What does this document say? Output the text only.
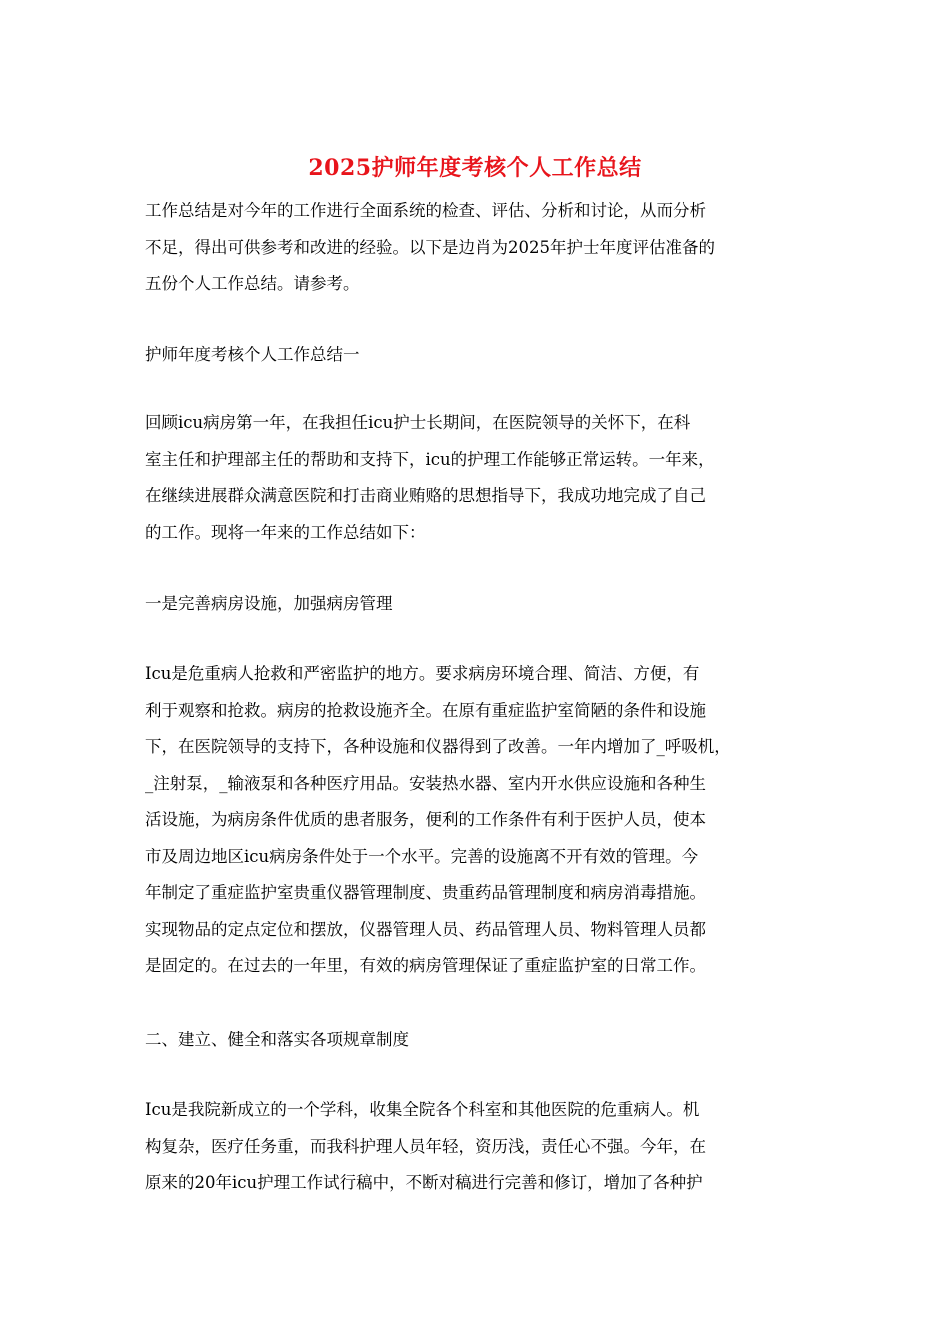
2025护师年度考核个人工作总结
工作总结是对今年的工作进行全面系统的检查、评估、分析和讨论，从而分析
不足，得出可供参考和改进的经验。以下是边肖为2025年护士年度评估准备的
五份个人工作总结。请参考。
护师年度考核个人工作总结一
回顾icu病房第一年，在我担任icu护士长期间，在医院领导的关怀下，在科
室主任和护理部主任的帮助和支持下，icu的护理工作能够正常运转。一年来，
在继续进展群众满意医院和打击商业贿赂的思想指导下，我成功地完成了自己
的工作。现将一年来的工作总结如下：
一是完善病房设施，加强病房管理
Icu是危重病人抢救和严密监护的地方。要求病房环境合理、简洁、方便，有
利于观察和抢救。病房的抢救设施齐全。在原有重症监护室简陋的条件和设施
下，在医院领导的支持下，各种设施和仪器得到了改善。一年内增加了_呼吸机，
_注射泵，_输液泵和各种医疗用品。安装热水器、室内开水供应设施和各种生
活设施，为病房条件优质的患者服务，便利的工作条件有利于医护人员，使本
市及周边地区icu病房条件处于一个水平。完善的设施离不开有效的管理。今
年制定了重症监护室贵重仪器管理制度、贵重药品管理制度和病房消毒措施。
实现物品的定点定位和摆放，仪器管理人员、药品管理人员、物料管理人员都
是固定的。在过去的一年里，有效的病房管理保证了重症监护室的日常工作。
二、建立、健全和落实各项规章制度
Icu是我院新成立的一个学科，收集全院各个科室和其他医院的危重病人。机
构复杂，医疗任务重，而我科护理人员年轻，资历浅，责任心不强。今年，在
原来的20年icu护理工作试行稿中，不断对稿进行完善和修订，增加了各种护
